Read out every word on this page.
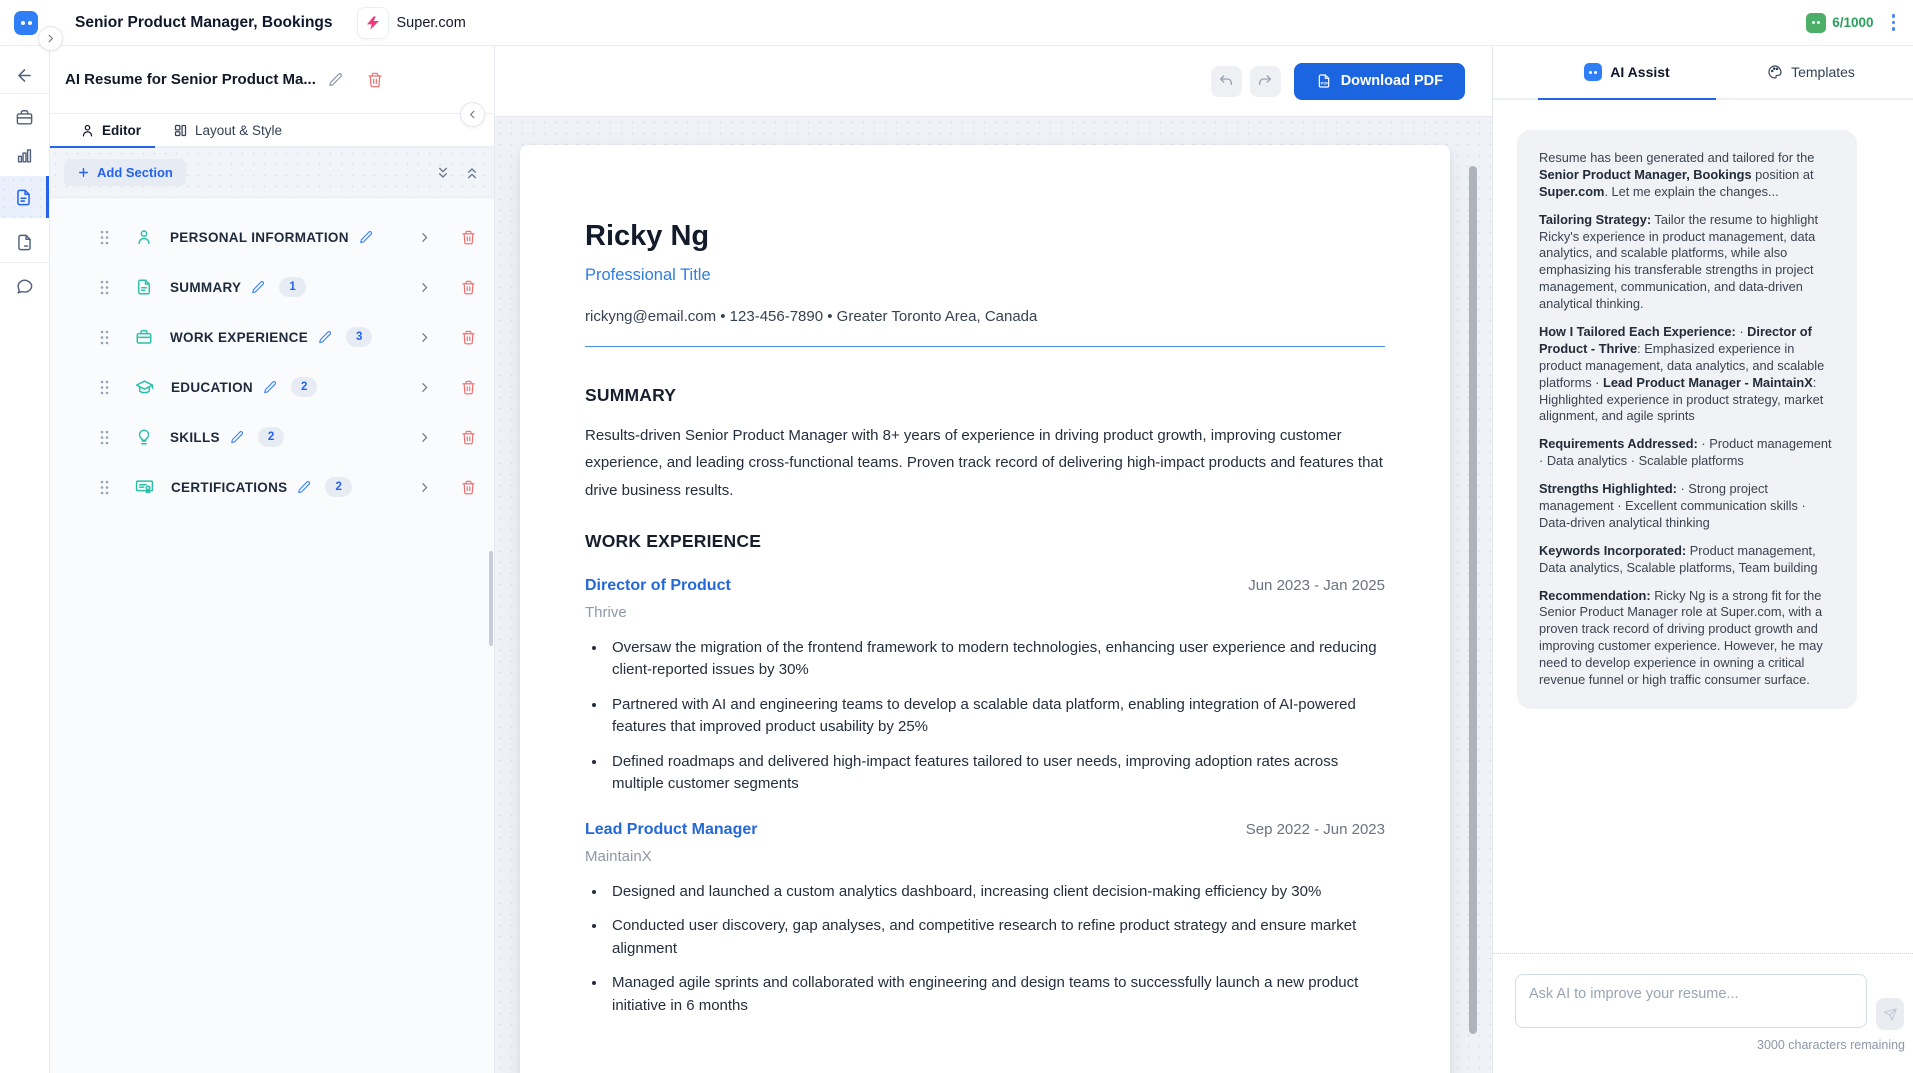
Senior Product Manager, Bookings	Super.com	6/1000
AI Resume for Senior Product Ma...
Editor	Layout & Style
Add Section
PERSONAL INFORMATION
SUMMARY	1
WORK EXPERIENCE	3
EDUCATION	2
SKILLS	2
CERTIFICATIONS	2
PDF Download PDF
Ricky Ng
Professional Title
rickyng@email.com • 123-456-7890 • Greater Toronto Area, Canada
SUMMARY

Results-driven Senior Product Manager with 8+ years of experience in driving product growth, improving customer experience, and leading cross-functional teams. Proven track record of delivering high-impact products and features that drive business results.

WORK EXPERIENCE
Director of Product	Jun 2023 - Jan 2025
Thrive
• Oversaw the migration of the frontend framework to modern technologies, enhancing user experience and reducing client-reported issues by 30%
• Partnered with AI and engineering teams to develop a scalable data platform, enabling integration of AI-powered features that improved product usability by 25%
• Defined roadmaps and delivered high-impact features tailored to user needs, improving adoption rates across multiple customer segments
Lead Product Manager	Sep 2022 - Jun 2023
MaintainX
• Designed and launched a custom analytics dashboard, increasing client decision-making efficiency by 30%
• Conducted user discovery, gap analyses, and competitive research to refine product strategy and ensure market alignment
• Managed agile sprints and collaborated with engineering and design teams to successfully launch a new product initiative in 6 months
AI Assist	Templates

Resume has been generated and tailored for the Senior Product Manager, Bookings position at Super.com. Let me explain the changes...

Tailoring Strategy: Tailor the resume to highlight Ricky's experience in product management, data analytics, and scalable platforms, while also emphasizing his transferable strengths in project management, communication, and data-driven analytical thinking.

How I Tailored Each Experience: · Director of Product - Thrive: Emphasized experience in product management, data analytics, and scalable platforms · Lead Product Manager - MaintainX: Highlighted experience in product strategy, market alignment, and agile sprints

Requirements Addressed: · Product management · Data analytics · Scalable platforms

Strengths Highlighted: · Strong project management · Excellent communication skills · Data-driven analytical thinking

Keywords Incorporated: Product management, Data analytics, Scalable platforms, Team building

Recommendation: Ricky Ng is a strong fit for the Senior Product Manager role at Super.com, with a proven track record of driving product growth and improving customer experience. However, he may need to develop experience in owning a critical revenue funnel or high traffic consumer surface.

Ask AI to improve your resume...
3000 characters remaining
